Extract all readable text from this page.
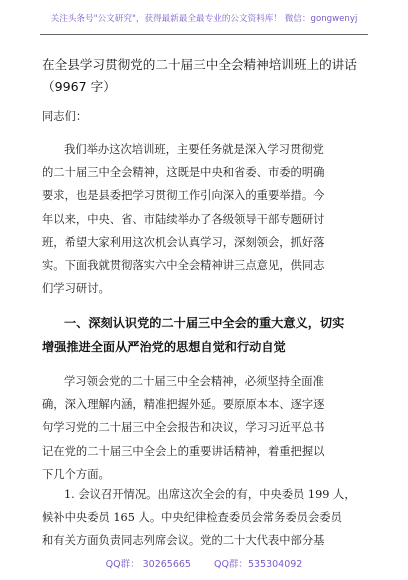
关注头条号"公文研究"，获得最新最全最专业的公文资料库！ 微信：gongwenyj
在全县学习贯彻党的二十届三中全会精神培训班上的讲话
（9967 字）
同志们：
我们举办这次培训班，主要任务就是深入学习贯彻党
的二十届三中全会精神，这既是中央和省委、市委的明确
要求，也是县委把学习贯彻工作引向深入的重要举措。今
年以来，中央、省、市陆续举办了各级领导干部专题研讨
班，希望大家利用这次机会认真学习，深刻领会，抓好落
实。下面我就贯彻落实六中全会精神讲三点意见，供同志
们学习研讨。
一、深刻认识党的二十届三中全会的重大意义，切实
增强推进全面从严治党的思想自觉和行动自觉
学习领会党的二十届三中全会精神，必须坚持全面准
确，深入理解内涵，精准把握外延。要原原本本、逐字逐
句学习党的二十届三中全会报告和决议，学习习近平总书
记在党的二十届三中全会上的重要讲话精神，着重把握以
下几个方面。
1. 会议召开情况。出席这次全会的有，中央委员 199 人，
候补中央委员 165 人。中央纪律检查委员会常务委员会委员
和有关方面负责同志列席会议。党的二十大代表中部分基
QQ群： 30265665 QQ群：535304092
